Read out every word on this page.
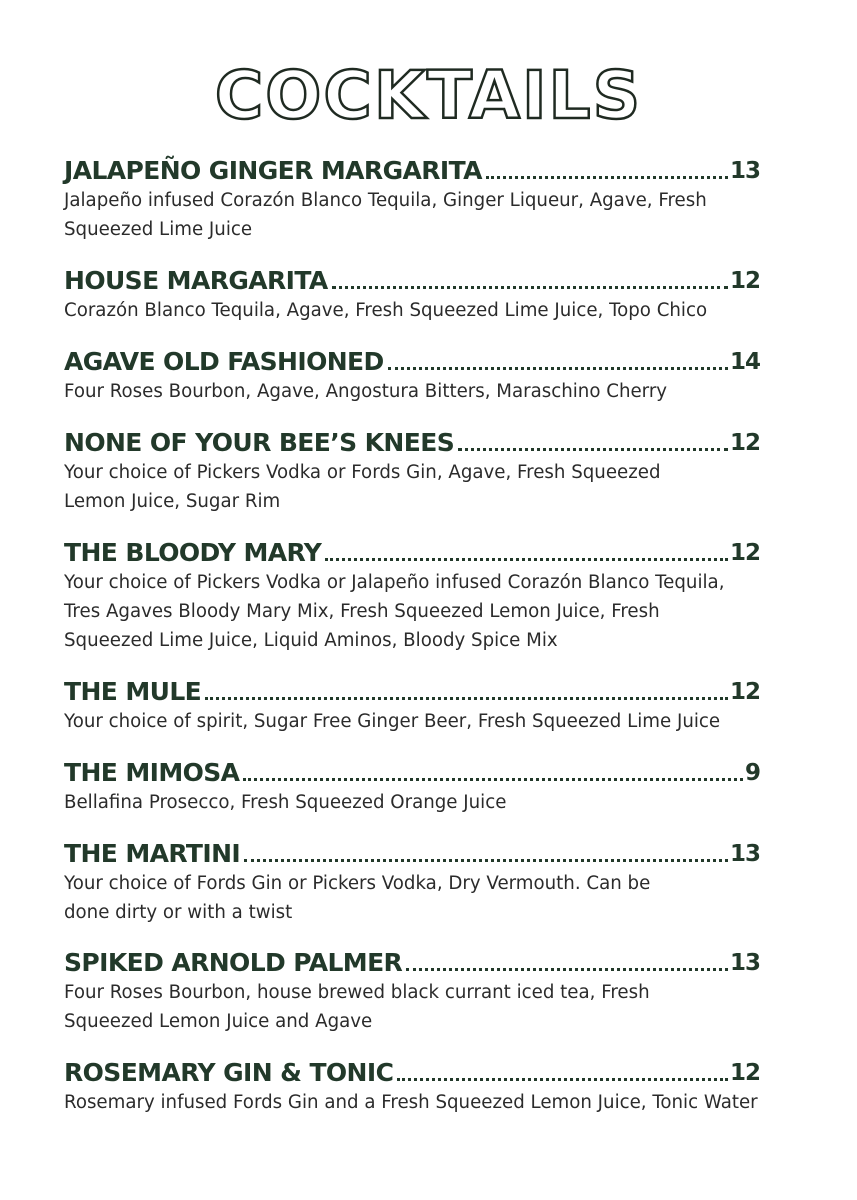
COCKTAILS
JALAPEÑO GINGER MARGARITA	13
Jalapeño infused Corazón Blanco Tequila, Ginger Liqueur, Agave, Fresh
Squeezed Lime Juice
HOUSE MARGARITA	12
Corazón Blanco Tequila, Agave, Fresh Squeezed Lime Juice, Topo Chico
AGAVE OLD FASHIONED	14
Four Roses Bourbon, Agave, Angostura Bitters, Maraschino Cherry
NONE OF YOUR BEE’S KNEES	12
Your choice of Pickers Vodka or Fords Gin, Agave, Fresh Squeezed
Lemon Juice, Sugar Rim
THE BLOODY MARY	12
Your choice of Pickers Vodka or Jalapeño infused Corazón Blanco Tequila,
Tres Agaves Bloody Mary Mix, Fresh Squeezed Lemon Juice, Fresh
Squeezed Lime Juice, Liquid Aminos, Bloody Spice Mix
THE MULE	12
Your choice of spirit, Sugar Free Ginger Beer, Fresh Squeezed Lime Juice
THE MIMOSA	9
Bellafina Prosecco, Fresh Squeezed Orange Juice
THE MARTINI	13
Your choice of Fords Gin or Pickers Vodka, Dry Vermouth. Can be
done dirty or with a twist
SPIKED ARNOLD PALMER	13
Four Roses Bourbon, house brewed black currant iced tea, Fresh
Squeezed Lemon Juice and Agave
ROSEMARY GIN & TONIC	12
Rosemary infused Fords Gin and a Fresh Squeezed Lemon Juice, Tonic Water
